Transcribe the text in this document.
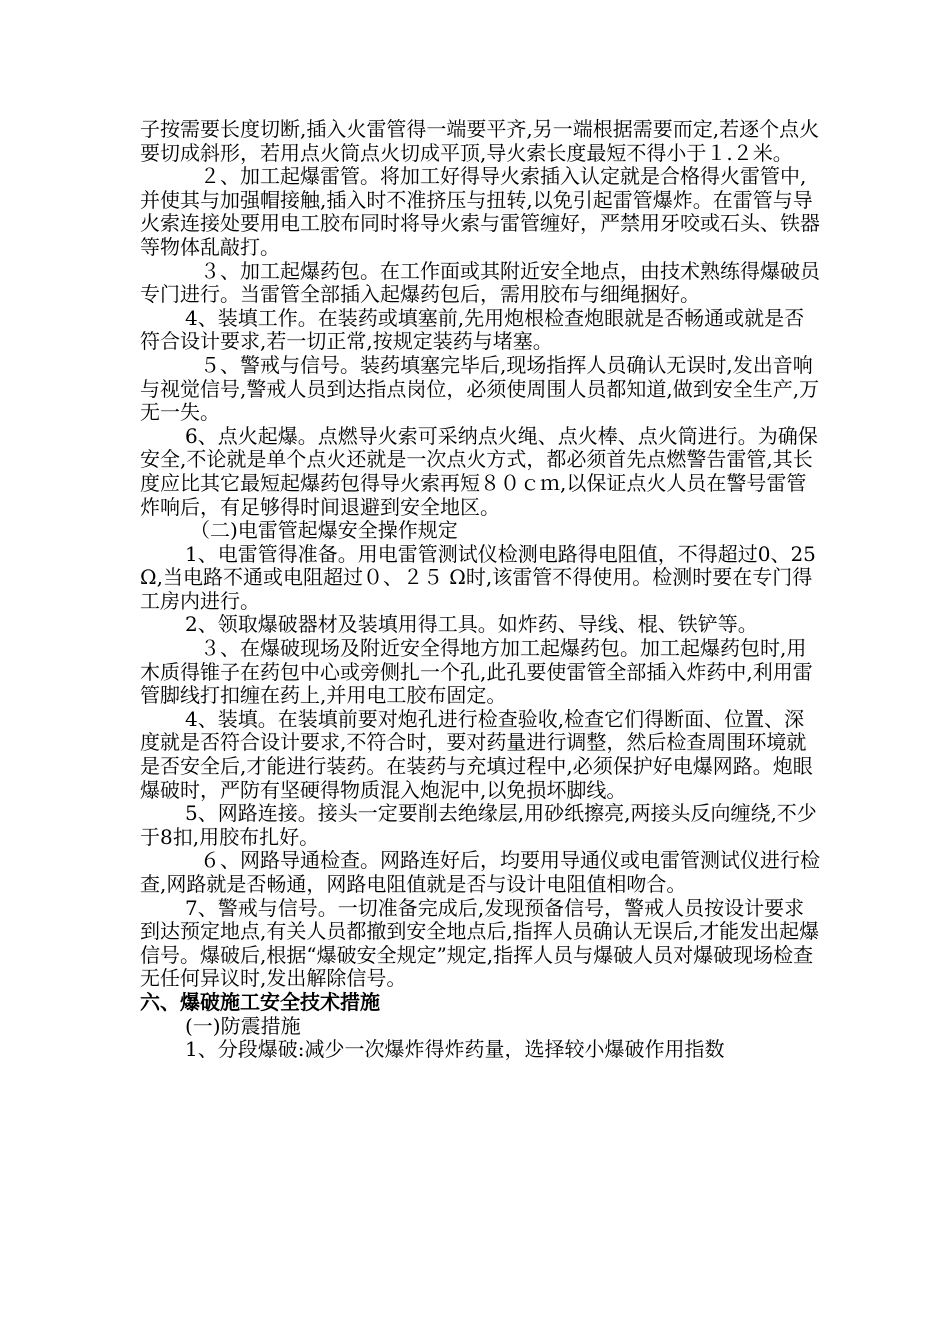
子按需要长度切断,插入火雷管得一端要平齐,另一端根据需要而定,若逐个点火要切成斜形，若用点火筒点火切成平顶,导火索长度最短不得小于１.２米。

２、加工起爆雷管。将加工好得导火索插入认定就是合格得火雷管中,并使其与加强帽接触,插入时不准挤压与扭转,以免引起雷管爆炸。在雷管与导火索连接处要用电工胶布同时将导火索与雷管缠好，严禁用牙咬或石头、铁器等物体乱敲打。

３、加工起爆药包。在工作面或其附近安全地点，由技术熟练得爆破员专门进行。当雷管全部插入起爆药包后，需用胶布与细绳捆好。

4、装填工作。在装药或填塞前,先用炮根检查炮眼就是否畅通或就是否符合设计要求,若一切正常,按规定装药与堵塞。

５、警戒与信号。装药填塞完毕后,现场指挥人员确认无误时,发出音响与视觉信号,警戒人员到达指点岗位，必须使周围人员都知道,做到安全生产,万无一失。

6、点火起爆。点燃导火索可采纳点火绳、点火棒、点火筒进行。为确保安全,不论就是单个点火还就是一次点火方式，都必须首先点燃警告雷管,其长度应比其它最短起爆药包得导火索再短８０ｃｍ,以保证点火人员在警号雷管炸响后，有足够得时间退避到安全地区。

（二)电雷管起爆安全操作规定

1、电雷管得准备。用电雷管测试仪检测电路得电阻值，不得超过0、25Ω,当电路不通或电阻超过０、２５ Ω时,该雷管不得使用。检测时要在专门得工房内进行。

2、领取爆破器材及装填用得工具。如炸药、导线、棍、铁铲等。

３、在爆破现场及附近安全得地方加工起爆药包。加工起爆药包时,用木质得锥子在药包中心或旁侧扎一个孔,此孔要使雷管全部插入炸药中,利用雷管脚线打扣缠在药上,并用电工胶布固定。

4、装填。在装填前要对炮孔进行检查验收,检查它们得断面、位置、深度就是否符合设计要求,不符合时，要对药量进行调整，然后检查周围环境就是否安全后,才能进行装药。在装药与充填过程中,必须保护好电爆网路。炮眼爆破时，严防有坚硬得物质混入炮泥中,以免损坏脚线。

5、网路连接。接头一定要削去绝缘层,用砂纸擦亮,两接头反向缠绕,不少于8扣,用胶布扎好。

６、网路导通检查。网路连好后，均要用导通仪或电雷管测试仪进行检查,网路就是否畅通，网路电阻值就是否与设计电阻值相吻合。

7、警戒与信号。一切准备完成后,发现预备信号，警戒人员按设计要求到达预定地点,有关人员都撤到安全地点后,指挥人员确认无误后,才能发出起爆信号。爆破后,根据“爆破安全规定”规定,指挥人员与爆破人员对爆破现场检查无任何异议时,发出解除信号。

六、爆破施工安全技术措施

(一)防震措施

1、分段爆破:减少一次爆炸得炸药量，选择较小爆破作用指数
